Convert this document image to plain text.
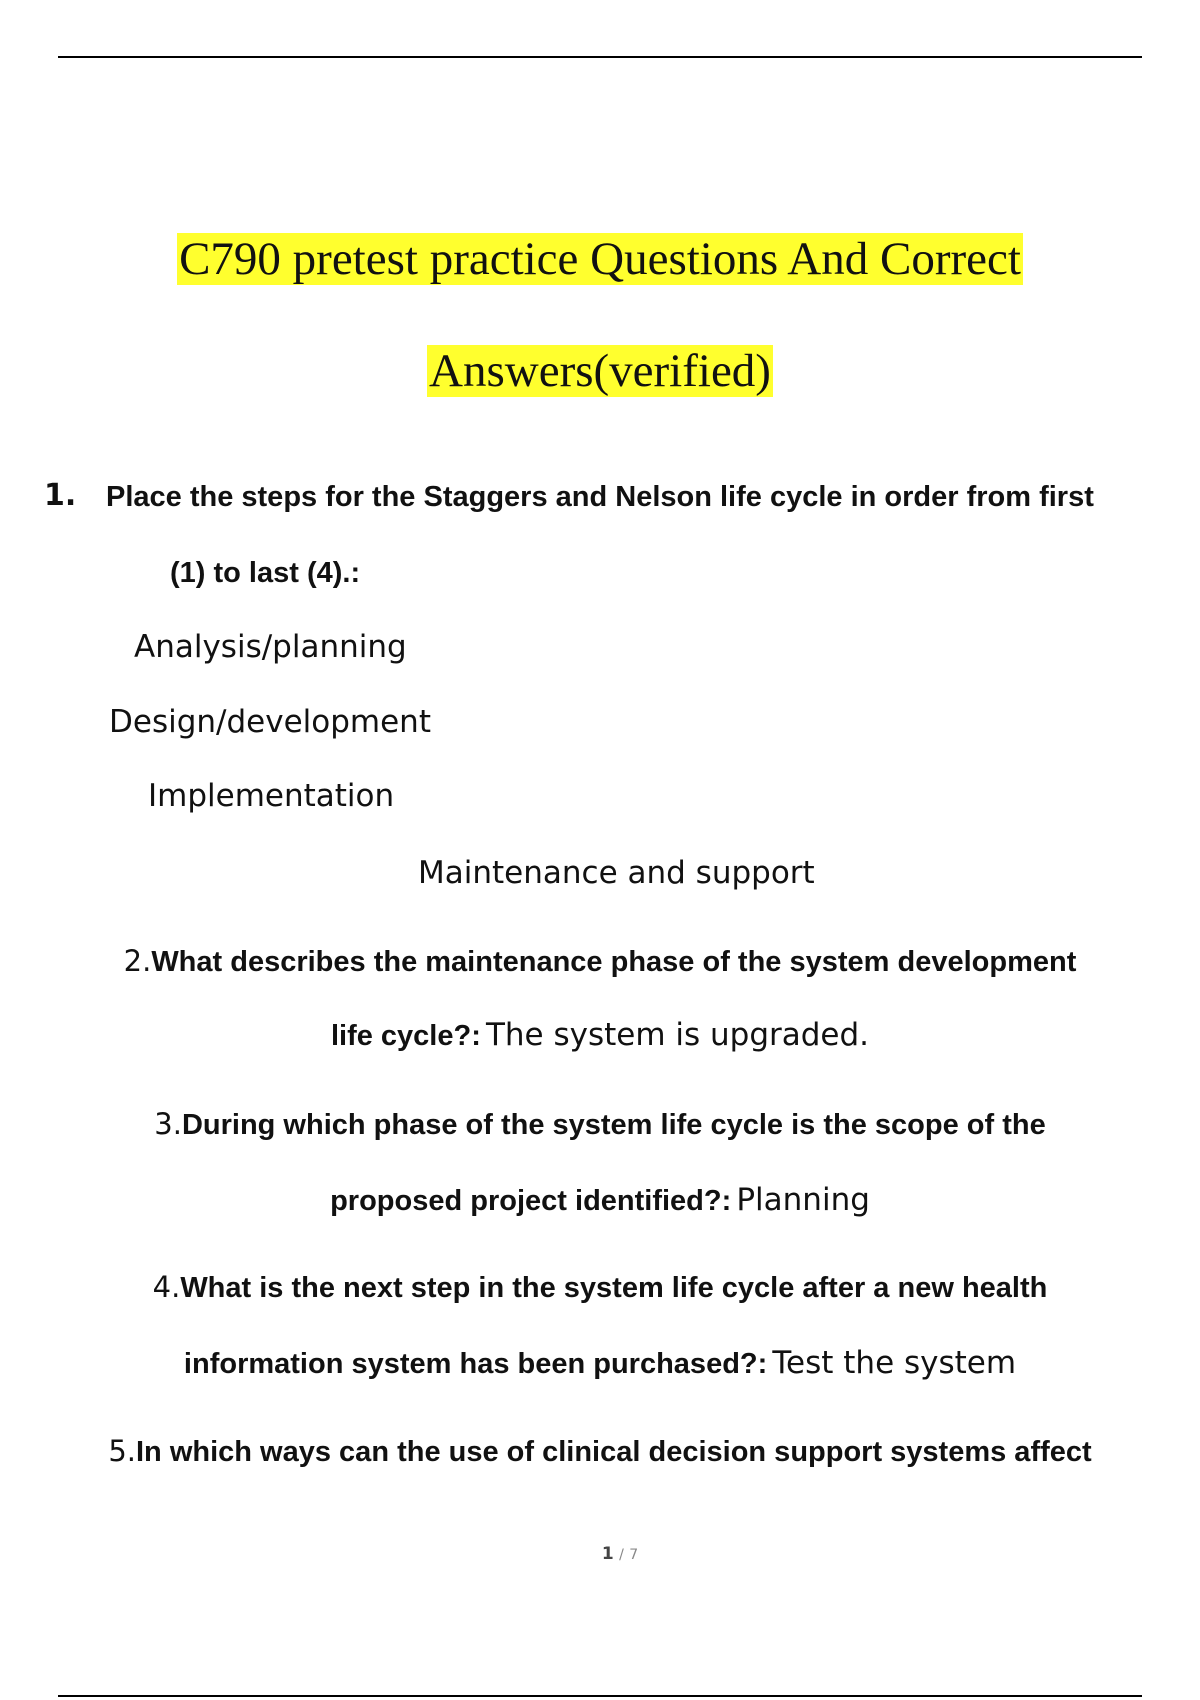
C790 pretest practice Questions And Correct
Answers(verified)
1. Place the steps for the Staggers and Nelson life cycle in order from first
(1) to last (4).:
Analysis/planning
Design/development
Implementation
Maintenance and support
2.What describes the maintenance phase of the system development
life cycle?: The system is upgraded.
3.During which phase of the system life cycle is the scope of the
proposed project identified?: Planning
4.What is the next step in the system life cycle after a new health
information system has been purchased?: Test the system
5.In which ways can the use of clinical decision support systems affect
1 / 7
